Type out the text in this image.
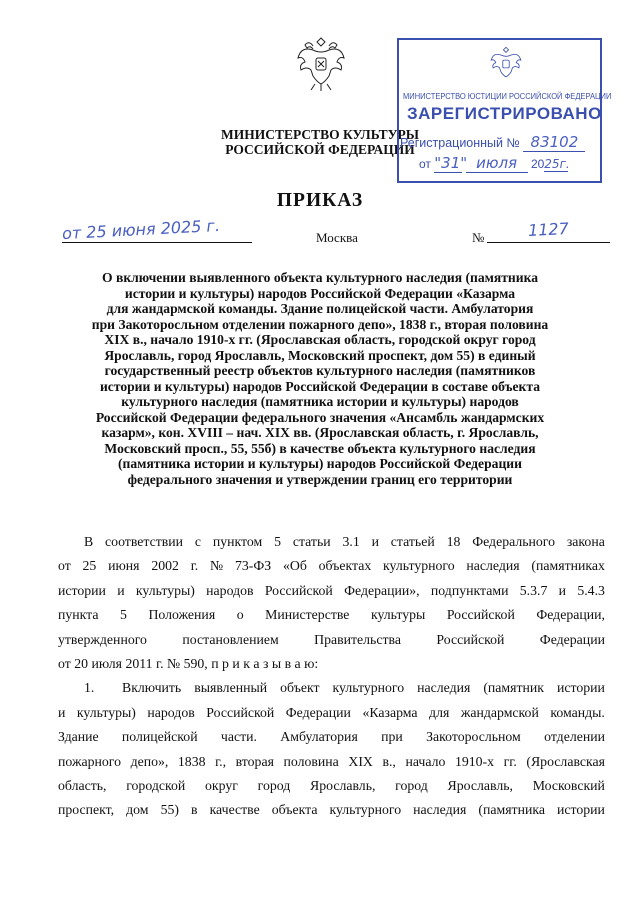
МИНИСТЕРСТВО КУЛЬТУРЫ
РОССИЙСКОЙ ФЕДЕРАЦИИ
МИНИСТЕРСТВО ЮСТИЦИИ РОССИЙСКОЙ ФЕДЕРАЦИИ
ЗАРЕГИСТРИРОВАНО
Регистрационный № 83102
от "31" июля 2025г.
ПРИКАЗ
от 25 июня 2025 г.	Москва	№	1127
О включении выявленного объекта культурного наследия (памятника
истории и культуры) народов Российской Федерации «Казарма
для жандармской команды. Здание полицейской части. Амбулатория
при Закоторосльном отделении пожарного депо», 1838 г., вторая половина
XIX в., начало 1910-х гг. (Ярославская область, городской округ город
Ярославль, город Ярославль, Московский проспект, дом 55) в единый
государственный реестр объектов культурного наследия (памятников
истории и культуры) народов Российской Федерации в составе объекта
культурного наследия (памятника истории и культуры) народов
Российской Федерации федерального значения «Ансамбль жандармских
казарм», кон. XVIII – нач. XIX вв. (Ярославская область, г. Ярославль,
Московский просп., 55, 55б) в качестве объекта культурного наследия
(памятника истории и культуры) народов Российской Федерации
федерального значения и утверждении границ его территории
В соответствии с пунктом 5 статьи 3.1 и статьей 18 Федерального закона
от 25 июня 2002 г. № 73-ФЗ «Об объектах культурного наследия (памятниках
истории и культуры) народов Российской Федерации», подпунктами 5.3.7 и 5.4.3
пункта 5 Положения о Министерстве культуры Российской Федерации,
утвержденного	постановлением	Правительства	Российской	Федерации
от 20 июля 2011 г. № 590, п р и к а з ы в а ю:
1.	Включить выявленный объект культурного наследия (памятник истории
и культуры) народов Российской Федерации «Казарма для жандармской команды.
Здание полицейской части. Амбулатория при Закоторосльном отделении
пожарного депо», 1838 г., вторая половина XIX в., начало 1910-х гг. (Ярославская
область, городской округ город Ярославль, город Ярославль, Московский
проспект, дом 55) в качестве объекта культурного наследия (памятника истории
